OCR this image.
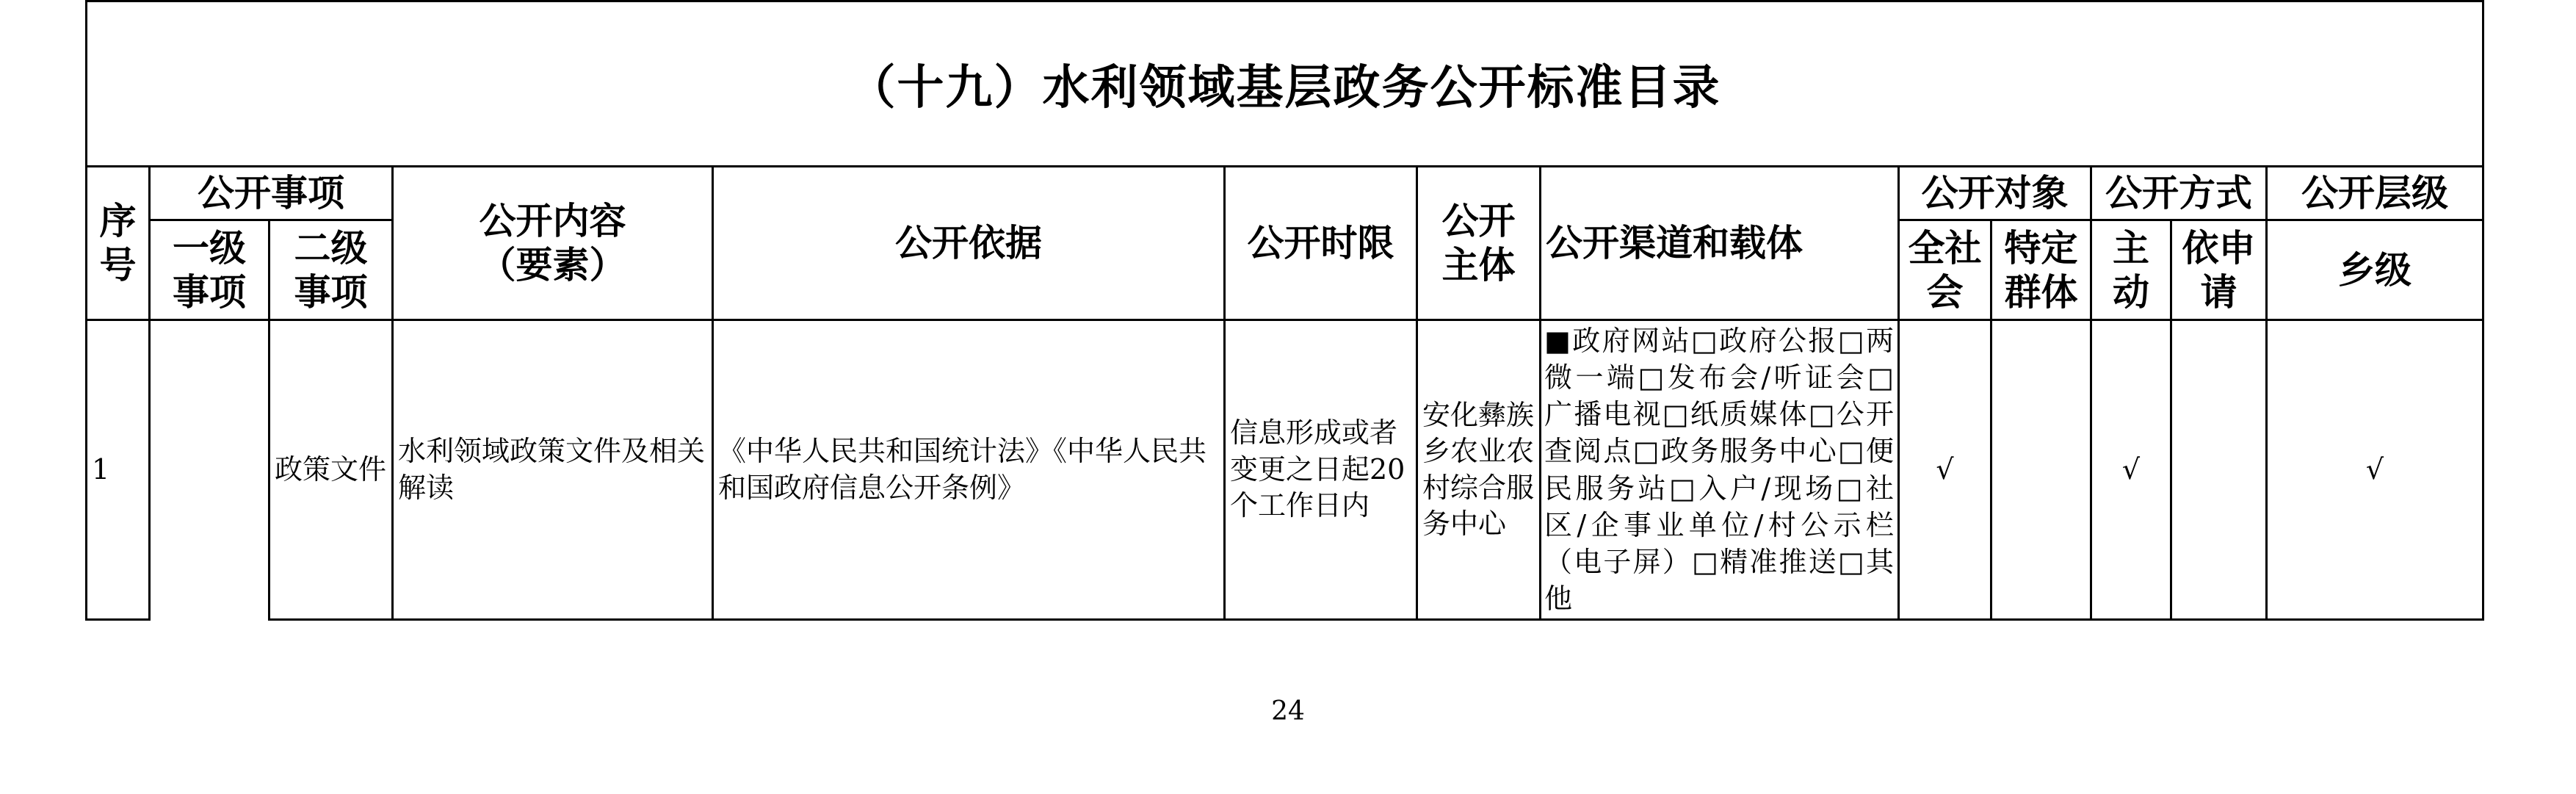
（十九）水利领域基层政务公开标准目录												
序号	公开事项		公开内容（要素）	公开依据	公开时限	公开主体	公开渠道和载体	公开对象		公开方式		公开层级
	一级事项	二级事项						全社会	特定群体	主动	依申请	乡级
1		政策文件	水利领域政策文件及相关解读	《中华人民共和国统计法》《中华人民共和国政府信息公开条例》	信息形成或者变更之日起20个工作日内	安化彝族乡农业农村综合服务中心	■政府网站□政府公报□两微一端□发布会/听证会□广播电视□纸质媒体□公开查阅点□政务服务中心□便民服务站□入户/现场□社区/企事业单位/村公示栏（电子屏）□精准推送□其他	√		√		√
24
